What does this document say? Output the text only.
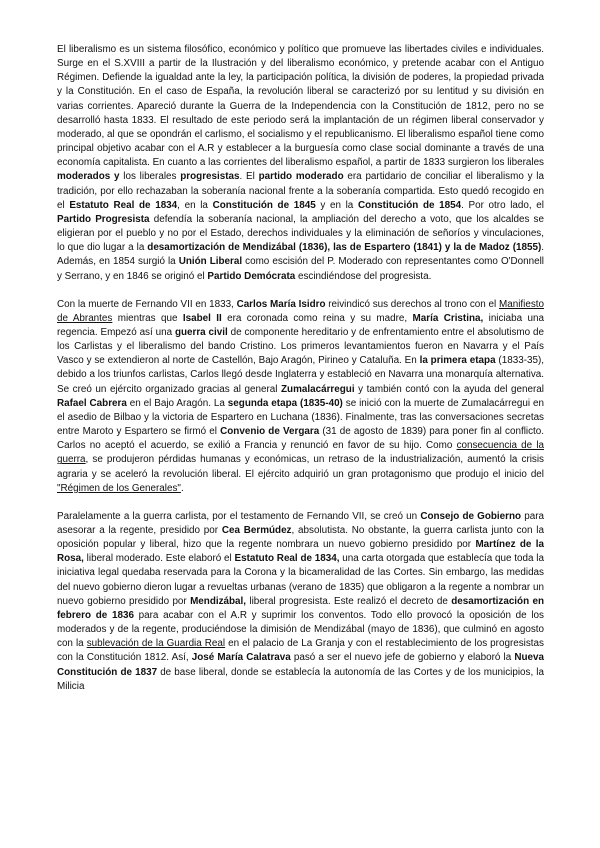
El liberalismo es un sistema filosófico, económico y político que promueve las libertades civiles e individuales. Surge en el S.XVIII a partir de la Ilustración y del liberalismo económico, y pretende acabar con el Antiguo Régimen. Defiende la igualdad ante la ley, la participación política, la división de poderes, la propiedad privada y la Constitución. En el caso de España, la revolución liberal se caracterizó por su lentitud y su división en varias corrientes. Apareció durante la Guerra de la Independencia con la Constitución de 1812, pero no se desarrolló hasta 1833. El resultado de este periodo será la implantación de un régimen liberal conservador y moderado, al que se opondrán el carlismo, el socialismo y el republicanismo. El liberalismo español tiene como principal objetivo acabar con el A.R y establecer a la burguesía como clase social dominante a través de una economía capitalista. En cuanto a las corrientes del liberalismo español, a partir de 1833 surgieron los liberales moderados y los liberales progresistas. El partido moderado era partidario de conciliar el liberalismo y la tradición, por ello rechazaban la soberanía nacional frente a la soberanía compartida. Esto quedó recogido en el Estatuto Real de 1834, en la Constitución de 1845 y en la Constitución de 1854. Por otro lado, el Partido Progresista defendía la soberanía nacional, la ampliación del derecho a voto, que los alcaldes se eligieran por el pueblo y no por el Estado, derechos individuales y la eliminación de señoríos y vinculaciones, lo que dio lugar a la desamortización de Mendizábal (1836), las de Espartero (1841) y la de Madoz (1855). Además, en 1854 surgió la Unión Liberal como escisión del P. Moderado con representantes como O'Donnell y Serrano, y en 1846 se originó el Partido Demócrata escindiéndose del progresista.

Con la muerte de Fernando VII en 1833, Carlos María Isidro reivindicó sus derechos al trono con el Manifiesto de Abrantes mientras que Isabel II era coronada como reina y su madre, María Cristina, iniciaba una regencia. Empezó así una guerra civil de componente hereditario y de enfrentamiento entre el absolutismo de los Carlistas y el liberalismo del bando Cristino. Los primeros levantamientos fueron en Navarra y el País Vasco y se extendieron al norte de Castellón, Bajo Aragón, Pirineo y Cataluña. En la primera etapa (1833-35), debido a los triunfos carlistas, Carlos llegó desde Inglaterra y estableció en Navarra una monarquía alternativa. Se creó un ejército organizado gracias al general Zumalacárregui y también contó con la ayuda del general Rafael Cabrera en el Bajo Aragón. La segunda etapa (1835-40) se inició con la muerte de Zumalacárregui en el asedio de Bilbao y la victoria de Espartero en Luchana (1836). Finalmente, tras las conversaciones secretas entre Maroto y Espartero se firmó el Convenio de Vergara (31 de agosto de 1839) para poner fin al conflicto. Carlos no aceptó el acuerdo, se exilió a Francia y renunció en favor de su hijo. Como consecuencia de la guerra, se produjeron pérdidas humanas y económicas, un retraso de la industrialización, aumentó la crisis agraria y se aceleró la revolución liberal. El ejército adquirió un gran protagonismo que produjo el inicio del "Régimen de los Generales".

Paralelamente a la guerra carlista, por el testamento de Fernando VII, se creó un Consejo de Gobierno para asesorar a la regente, presidido por Cea Bermúdez, absolutista. No obstante, la guerra carlista junto con la oposición popular y liberal, hizo que la regente nombrara un nuevo gobierno presidido por Martínez de la Rosa, liberal moderado. Este elaboró el Estatuto Real de 1834, una carta otorgada que establecía que toda la iniciativa legal quedaba reservada para la Corona y la bicameralidad de las Cortes. Sin embargo, las medidas del nuevo gobierno dieron lugar a revueltas urbanas (verano de 1835) que obligaron a la regente a nombrar un nuevo gobierno presidido por Mendizábal, liberal progresista. Este realizó el decreto de desamortización en febrero de 1836 para acabar con el A.R y suprimir los conventos. Todo ello provocó la oposición de los moderados y de la regente, produciéndose la dimisión de Mendizábal (mayo de 1836), que culminó en agosto con la sublevación de la Guardia Real en el palacio de La Granja y con el restablecimiento de los progresistas con la Constitución 1812. Así, José María Calatrava pasó a ser el nuevo jefe de gobierno y elaboró la Nueva Constitución de 1837 de base liberal, donde se establecía la autonomía de las Cortes y de los municipios, la Milicia
